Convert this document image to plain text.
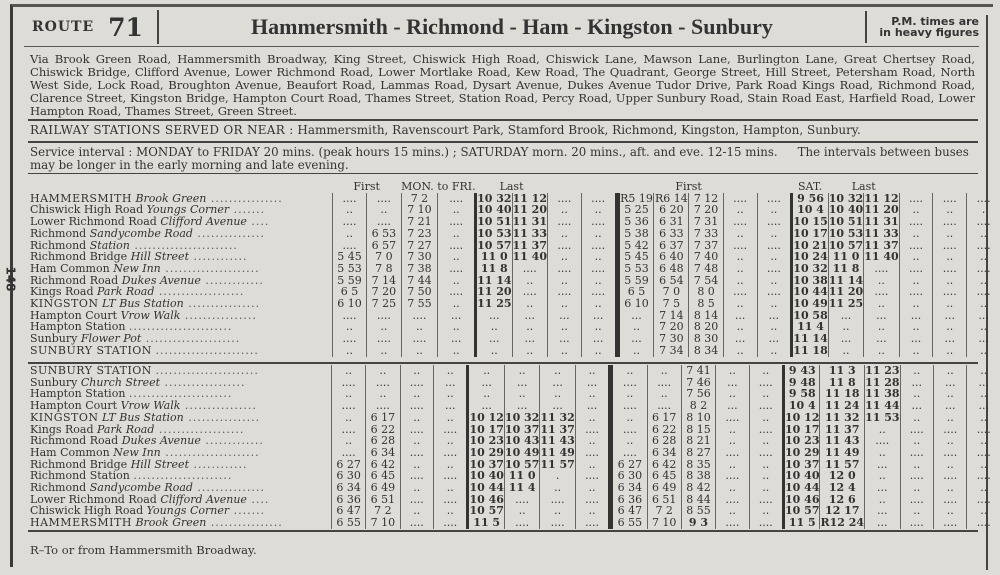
148
ROUTE 71	Hammersmith - Richmond - Ham - Kingston - Sunbury	P.M. times are
in heavy figures
Via Brook Green Road, Hammersmith Broadway, King Street, Chiswick High Road, Chiswick Lane, Mawson Lane, Burlington Lane, Great Chertsey Road, Chiswick Bridge, Clifford Avenue, Lower Richmond Road, Lower Mortlake Road, Kew Road, The Quadrant, George Street, Hill Street, Petersham Road, North West Side, Lock Road, Broughton Avenue, Beaufort Road, Lammas Road, Dysart Avenue, Dukes Avenue Tudor Drive, Park Road Kings Road, Richmond Road, Clarence Street, Kingston Bridge, Hampton Court Road, Thames Street, Station Road, Percy Road, Upper Sunbury Road, Stain Road East, Harfield Road, Lower Hampton Road, Thames Street, Green Street.
RAILWAY STATIONS SERVED OR NEAR : Hammersmith, Ravenscourt Park, Stamford Brook, Richmond, Kingston, Hampton, Sunbury.
Service interval : MONDAY to FRIDAY 20 mins. (peak hours 15 mins.) ; SATURDAY morn. 20 mins., aft. and eve. 12-15 mins. The intervals between buses may be longer in the early morning and late evening.
	First		MON. to FRI.		Last					First				SAT.	Last				
HAMMERSMITH Brook Green ................	....	....	7 2	....	10 32	11 12	....	....	R5 19	R6 14	7 12	....	....	9 56	10 32	11 12	....	....	....
Chiswick High Road Youngs Corner .......	..	..	7 10	..	10 40	11 20	..	..	5 25	6 20	7 20	..	..	10 4	10 40	11 20	..	..	.
Lower Richmond Road Clifford Avenue ....	....	....	7 21	....	10 51	11 31	....	....	5 36	6 31	7 31	....	....	10 15	10 51	11 31	....	....	....
Richmond Sandycombe Road ...............	..	6 53	7 23	..	10 53	11 33	..	..	5 38	6 33	7 33	..	..	10 17	10 53	11 33	..	..	..
Richmond Station .......................	....	6 57	7 27	....	10 57	11 37	....	....	5 42	6 37	7 37	....	....	10 21	10 57	11 37	....	....	....
Richmond Bridge Hill Street ............	5 45	7 0	7 30	..	11 0	11 40	..	..	5 45	6 40	7 40	..	..	10 24	11 0	11 40	..	..	..
Ham Common New Inn .....................	5 53	7 8	7 38	....	11 8	....	....	....	5 53	6 48	7 48	..	....	10 32	11 8	....	....	....	....
Richmond Road Dukes Avenue .............	5 59	7 14	7 44	..	11 14	..	..	..	5 59	6 54	7 54	..	..	10 38	11 14	..	..	..	..
Kings Road Park Road ...................	6 5	7 20	7 50	....	11 20	....	....	....	6 5	7 0	8 0	....	....	10 44	11 20	....	....	....	....
KINGSTON LT Bus Station ................	6 10	7 25	7 55	..	11 25	..	..	..	6 10	7 5	8 5	..	..	10 49	11 25	..	..	..	..
Hampton Court Vrow Walk ................	....	....	....	...	...	...	...	...	...	7 14	8 14	...	...	10 58	...	...	...	...	...
Hampton Station .......................	..	..	..	..	..	..	..	..	..	7 20	8 20	..	..	11 4	..	..	..	..	..
Sunbury Flower Pot .....................	....	....	....	...	...	...	...	...	...	7 30	8 30	...	...	11 14	...	...	...	...	...
SUNBURY STATION .......................	..	..	..	..	..	..	..	..	..	7 34	8 34	..	..	11 18	..	..	..	..	..
SUNBURY STATION .......................	..	..	..	..	..	..	..	..	..	..	7 41	..	..	9 43	11 3	11 23	..	..	..
Sunbury Church Street ..................	....	....	....	...	...	...	...	...	....	....	7 46	...	....	9 48	11 8	11 28	...	...	...
Hampton Station .......................	..	..	..	..	..	..	..	..	..	..	7 56	..	..	9 58	11 18	11 38	..	..	..
Hampton Court Vrow Walk ................	....	....	....	...	...	...	...	...	....	....	8 2	...	....	10 4	11 24	11 44	...	...	...
KINGSTON LT Bus Station ................	..	6 17	..	..	10 12	10 32	11 32	..	..	6 17	8 10	....	..	10 12	11 32	11 53	..	..	..
Kings Road Park Road ...................	....	6 22	....	....	10 17	10 37	11 37	....	....	6 22	8 15	..	....	10 17	11 37	..	....	....	....
Richmond Road Dukes Avenue .............	..	6 28	..	..	10 23	10 43	11 43	..	..	6 28	8 21	..	..	10 23	11 43	....	..	..	..
Ham Common New Inn .....................	....	6 34	....	....	10 29	10 49	11 49	....	....	6 34	8 27	....	....	10 29	11 49	..	....	....	....
Richmond Bridge Hill Street ............	6 27	6 42	..	..	10 37	10 57	11 57	..	6 27	6 42	8 35	..	..	10 37	11 57	...	..	..	..
Richmond Station ......................	6 30	6 45	....	....	10 40	11 0	.	....	6 30	6 45	8 38	....	..	10 40	12 0	..	....	....	....
Richmond Sandycombe Road ...............	6 34	6 49	..	..	10 44	11 4	..	..	6 34	6 49	8 42	..	..	10 44	12 4	...	..	..	..
Lower Richmond Road Clifford Avenue ....	6 36	6 51	....	....	10 46	....	....	....	6 36	6 51	8 44	....	....	10 46	12 6	..	....	....	....
Chiswick High Road Youngs Corner .......	6 47	7 2	..	..	10 57	..	..	..	6 47	7 2	8 55	..	..	10 57	12 17	...	..	..	..
HAMMERSMITH Brook Green ................	6 55	7 10	....	....	11 5	....	....	....	6 55	7 10	9 3	....	....	11 5	R12 24	...	....	....	....
R–To or from Hammersmith Broadway.
